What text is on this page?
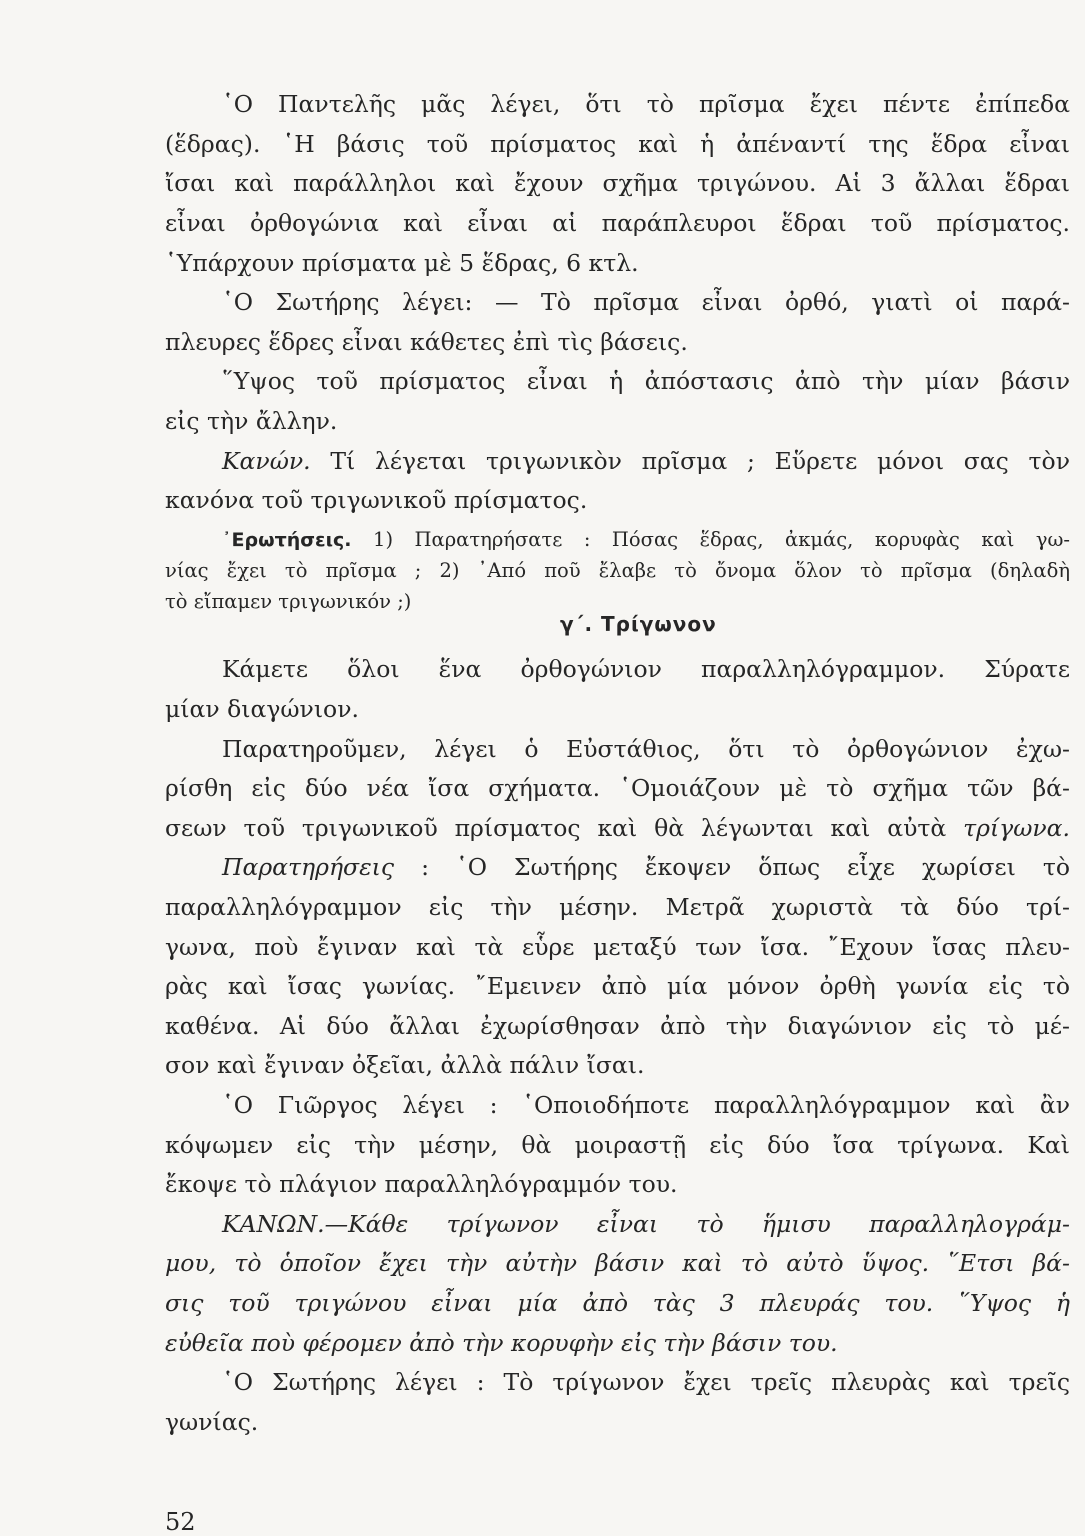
῾Ο Παντελῆς μᾶς λέγει, ὅτι τὸ πρῖσμα ἔχει πέντε ἐπίπεδα
(ἕδρας). ῾Η βάσις τοῦ πρίσματος καὶ ἡ ἀπέναντί της ἕδρα εἶναι
ἴσαι καὶ παράλληλοι καὶ ἔχουν σχῆμα τριγώνου. Αἱ 3 ἄλλαι ἕδραι
εἶναι ὀρθογώνια καὶ εἶναι αἱ παράπλευροι ἕδραι τοῦ πρίσματος.
῾Υπάρχουν πρίσματα μὲ 5 ἕδρας, 6 κτλ.
῾Ο Σωτήρης λέγει: — Τὸ πρῖσμα εἶναι ὀρθό, γιατὶ οἱ παρά-
πλευρες ἕδρες εἶναι κάθετες ἐπὶ τὶς βάσεις.
῞Υψος τοῦ πρίσματος εἶναι ἡ ἀπόστασις ἀπὸ τὴν μίαν βάσιν
εἰς τὴν ἄλλην.
Κανών. Τί λέγεται τριγωνικὸν πρῖσμα ; Εὕρετε μόνοι σας τὸν
κανόνα τοῦ τριγωνικοῦ πρίσματος.
᾿Ερωτήσεις. 1) Παρατηρήσατε : Πόσας ἕδρας, ἀκμάς, κορυφὰς καὶ γω-
νίας ἔχει τὸ πρῖσμα ; 2) ᾿Από ποῦ ἔλαβε τὸ ὄνομα ὅλον τὸ πρῖσμα (δηλαδὴ
τὸ εἴπαμεν τριγωνικόν ;)
γ΄. Τρίγωνον
Κάμετε ὅλοι ἕνα ὀρθογώνιον παραλληλόγραμμον. Σύρατε
μίαν διαγώνιον.
Παρατηροῦμεν, λέγει ὁ Εὐστάθιος, ὅτι τὸ ὀρθογώνιον ἐχω-
ρίσθη εἰς δύο νέα ἴσα σχήματα. ῾Ομοιάζουν μὲ τὸ σχῆμα τῶν βά-
σεων τοῦ τριγωνικοῦ πρίσματος καὶ θὰ λέγωνται καὶ αὐτὰ τρίγωνα.
Παρατηρήσεις : ῾Ο Σωτήρης ἔκοψεν ὅπως εἶχε χωρίσει τὸ
παραλληλόγραμμον εἰς τὴν μέσην. Μετρᾶ χωριστὰ τὰ δύο τρί-
γωνα, ποὺ ἔγιναν καὶ τὰ εὗρε μεταξύ των ἴσα. ῎Εχουν ἴσας πλευ-
ρὰς καὶ ἴσας γωνίας. ῎Εμεινεν ἀπὸ μία μόνον ὀρθὴ γωνία εἰς τὸ
καθένα. Αἱ δύο ἄλλαι ἐχωρίσθησαν ἀπὸ τὴν διαγώνιον εἰς τὸ μέ-
σον καὶ ἔγιναν ὀξεῖαι, ἀλλὰ πάλιν ἴσαι.
῾Ο Γιῶργος λέγει : ῾Οποιοδήποτε παραλληλόγραμμον καὶ ἂν
κόψωμεν εἰς τὴν μέσην, θὰ μοιραστῇ εἰς δύο ἴσα τρίγωνα. Καὶ
ἔκοψε τὸ πλάγιον παραλληλόγραμμόν του.
ΚΑΝΩΝ.—Κάθε τρίγωνον εἶναι τὸ ἥμισυ παραλληλογράμ-
μου, τὸ ὁποῖον ἔχει τὴν αὐτὴν βάσιν καὶ τὸ αὐτὸ ὕψος. ῞Ετσι βά-
σις τοῦ τριγώνου εἶναι μία ἀπὸ τὰς 3 πλευράς του. ῞Υψος ἡ
εὐθεῖα ποὺ φέρομεν ἀπὸ τὴν κορυφὴν εἰς τὴν βάσιν του.
῾Ο Σωτήρης λέγει : Τὸ τρίγωνον ἔχει τρεῖς πλευρὰς καὶ τρεῖς
γωνίας.
52
